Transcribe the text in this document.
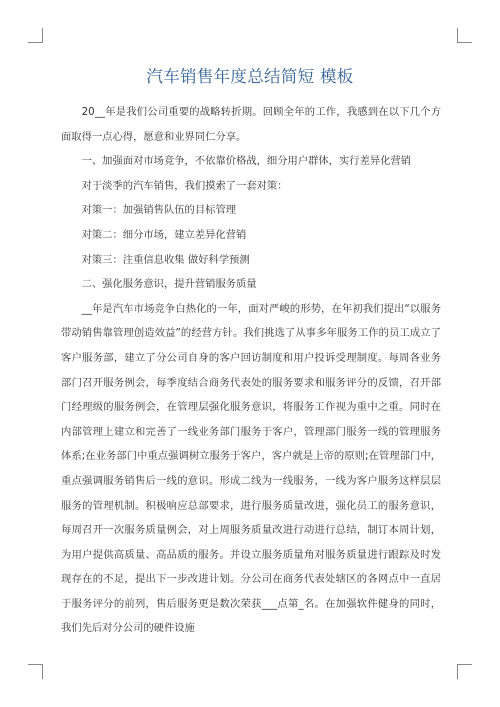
汽车销售年度总结简短 模板

20__年是我们公司重要的战略转折期。回顾全年的工作，我感到在以下几个方面取得一点心得，愿意和业界同仁分享。

一、加强面对市场竞争，不依靠价格战，细分用户群体，实行差异化营销

对于淡季的汽车销售，我们摸索了一套对策：

对策一：加强销售队伍的目标管理

对策二：细分市场，建立差异化营销

对策三：注重信息收集 做好科学预测

二、强化服务意识，提升营销服务质量

__年是汽车市场竞争白热化的一年，面对严峻的形势，在年初我们提出“以服务带动销售靠管理创造效益”的经营方针。我们挑选了从事多年服务工作的员工成立了客户服务部，建立了分公司自身的客户回访制度和用户投诉受理制度。每周各业务部门召开服务例会，每季度结合商务代表处的服务要求和服务评分的反馈，召开部门经理级的服务例会，在管理层强化服务意识，将服务工作视为重中之重。同时在内部管理上建立和完善了一线业务部门服务于客户，管理部门服务一线的管理服务体系;在业务部门中重点强调树立服务于客户，客户就是上帝的原则;在管理部门中，重点强调服务销售后一线的意识。形成二线为一线服务，一线为客户服务这样层层服务的管理机制。积极响应总部要求，进行服务质量改进，强化员工的服务意识，每周召开一次服务质量例会，对上周服务质量改进行动进行总结，制订本周计划，为用户提供高质量、高品质的服务。并设立服务质量角对服务质量进行跟踪及时发现存在的不足，提出下一步改进计划。分公司在商务代表处辖区的各网点中一直居于服务评分的前列，售后服务更是数次荣获___点第_名。在加强软件健身的同时，我们先后对分公司的硬件设施
